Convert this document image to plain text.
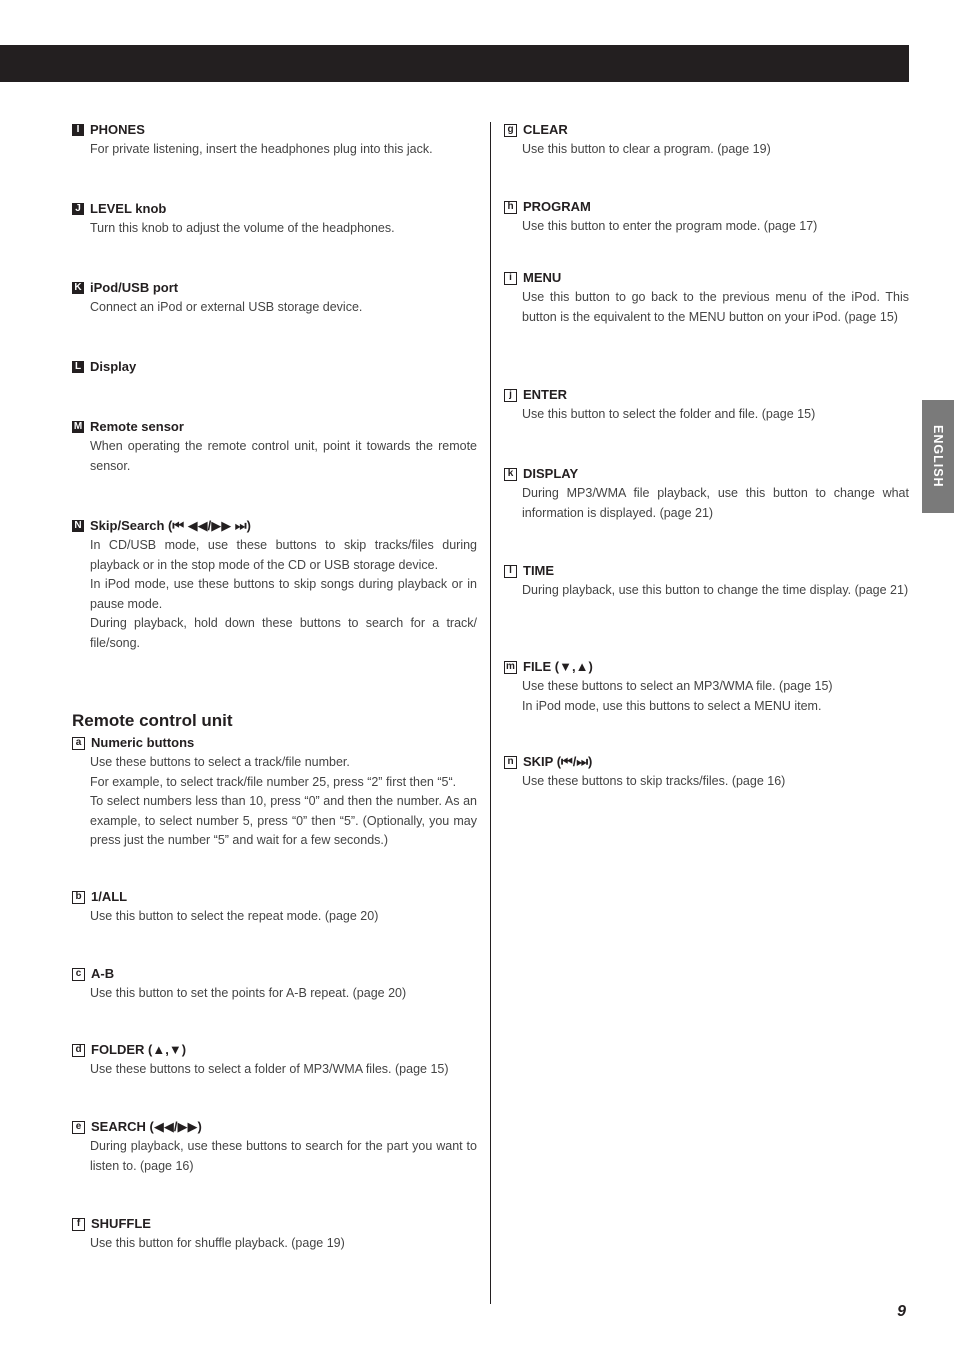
ENGLISH
I PHONES

For private listening, insert the headphones plug into this jack.

J LEVEL knob

Turn this knob to adjust the volume of the headphones.

K iPod/USB port

Connect an iPod or external USB storage device.

L Display
M Remote sensor

When operating the remote control unit, point it towards the remote sensor.

N Skip/Search (⏮ ◀◀/▶▶ ⏭)

In CD/USB mode, use these buttons to skip tracks/files during playback or in the stop mode of the CD or USB storage device.

In iPod mode, use these buttons to skip songs during playback or in pause mode.

During playback, hold down these buttons to search for a track/ file/song.

Remote control unit
a Numeric buttons

Use these buttons to select a track/file number.

For example, to select track/file number 25, press “2” first then “5“.

To select numbers less than 10, press “0” and then the number. As an example, to select number 5, press “0” then “5”. (Optionally, you may press just the number “5” and wait for a few seconds.)

b 1/ALL

Use this button to select the repeat mode. (page 20)

c A-B

Use this button to set the points for A-B repeat. (page 20)

d FOLDER (▲,▼)

Use these buttons to select a folder of MP3/WMA files. (page 15)

e SEARCH (◀◀/▶▶)

During playback, use these buttons to search for the part you want to listen to. (page 16)

f SHUFFLE

Use this button for shuffle playback. (page 19)

g CLEAR

Use this button to clear a program. (page 19)

h PROGRAM

Use this button to enter the program mode. (page 17)

i MENU

Use this button to go back to the previous menu of the iPod. This button is the equivalent to the MENU button on your iPod. (page 15)

j ENTER

Use this button to select the folder and file. (page 15)

k DISPLAY

During MP3/WMA file playback, use this button to change what information is displayed. (page 21)

l TIME

During playback, use this button to change the time display. (page 21)

m FILE (▼,▲)

Use these buttons to select an MP3/WMA file. (page 15)

In iPod mode, use this buttons to select a MENU item.

n SKIP (⏮/⏭)

Use these buttons to skip tracks/files. (page 16)

9
